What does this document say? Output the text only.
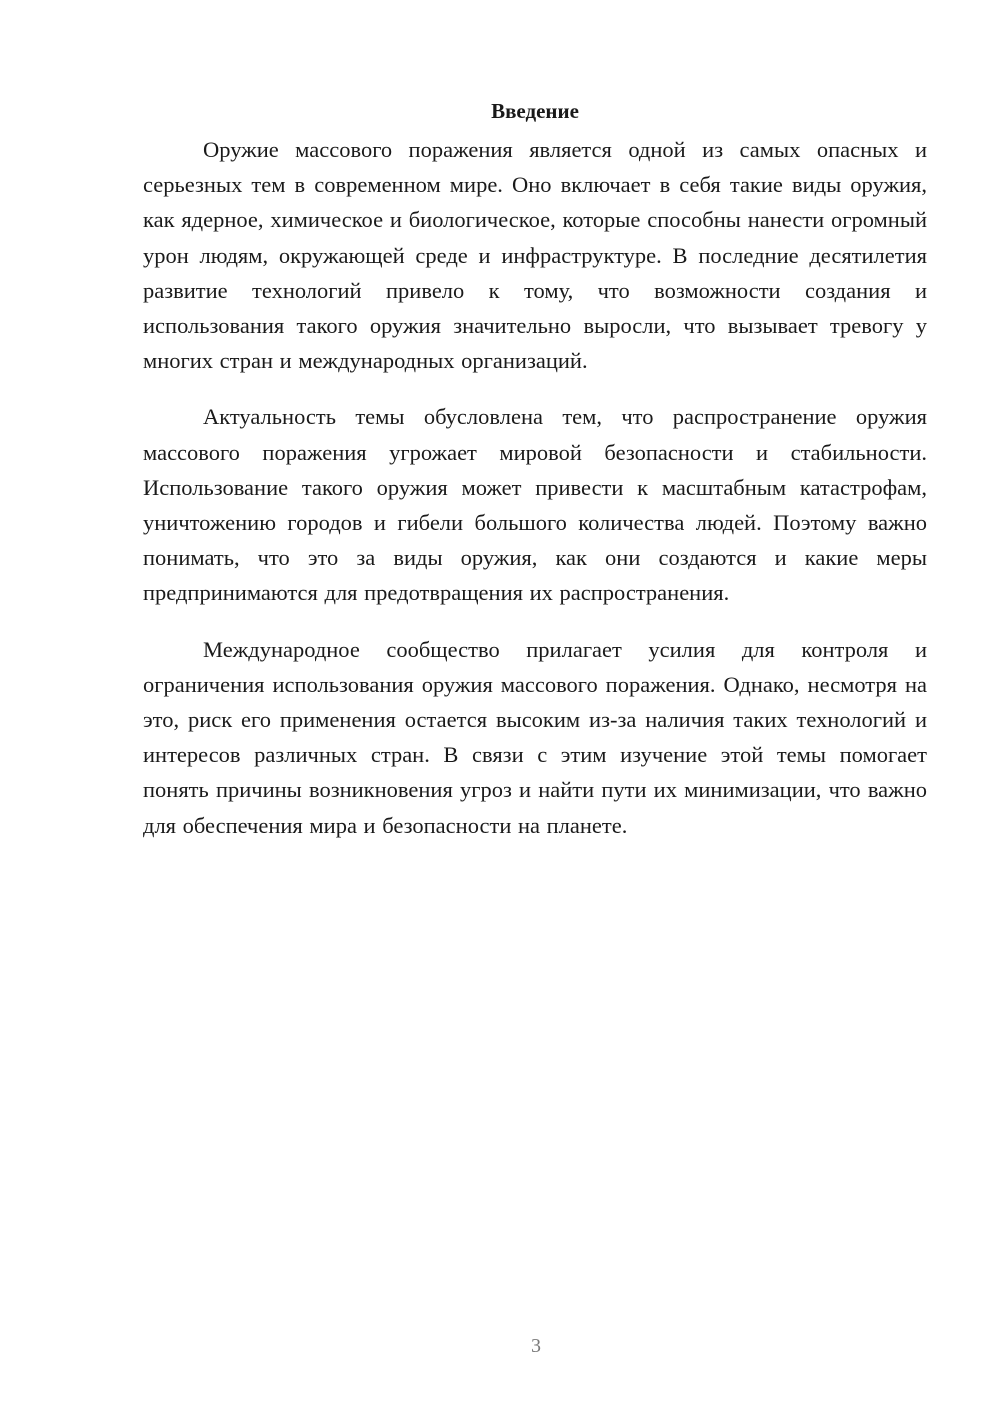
Введение

Оружие массового поражения является одной из самых опасных и серьезных тем в современном мире. Оно включает в себя такие виды оружия, как ядерное, химическое и биологическое, которые способны нанести огромный урон людям, окружающей среде и инфраструктуре. В последние десятилетия развитие технологий привело к тому, что возможности создания и использования такого оружия значительно выросли, что вызывает тревогу у многих стран и международных организаций.

Актуальность темы обусловлена тем, что распространение оружия массового поражения угрожает мировой безопасности и стабильности. Использование такого оружия может привести к масштабным катастрофам, уничтожению городов и гибели большого количества людей. Поэтому важно понимать, что это за виды оружия, как они создаются и какие меры предпринимаются для предотвращения их распространения.

Международное сообщество прилагает усилия для контроля и ограничения использования оружия массового поражения. Однако, несмотря на это, риск его применения остается высоким из-за наличия таких технологий и интересов различных стран. В связи с этим изучение этой темы помогает понять причины возникновения угроз и найти пути их минимизации, что важно для обеспечения мира и безопасности на планете.

3
